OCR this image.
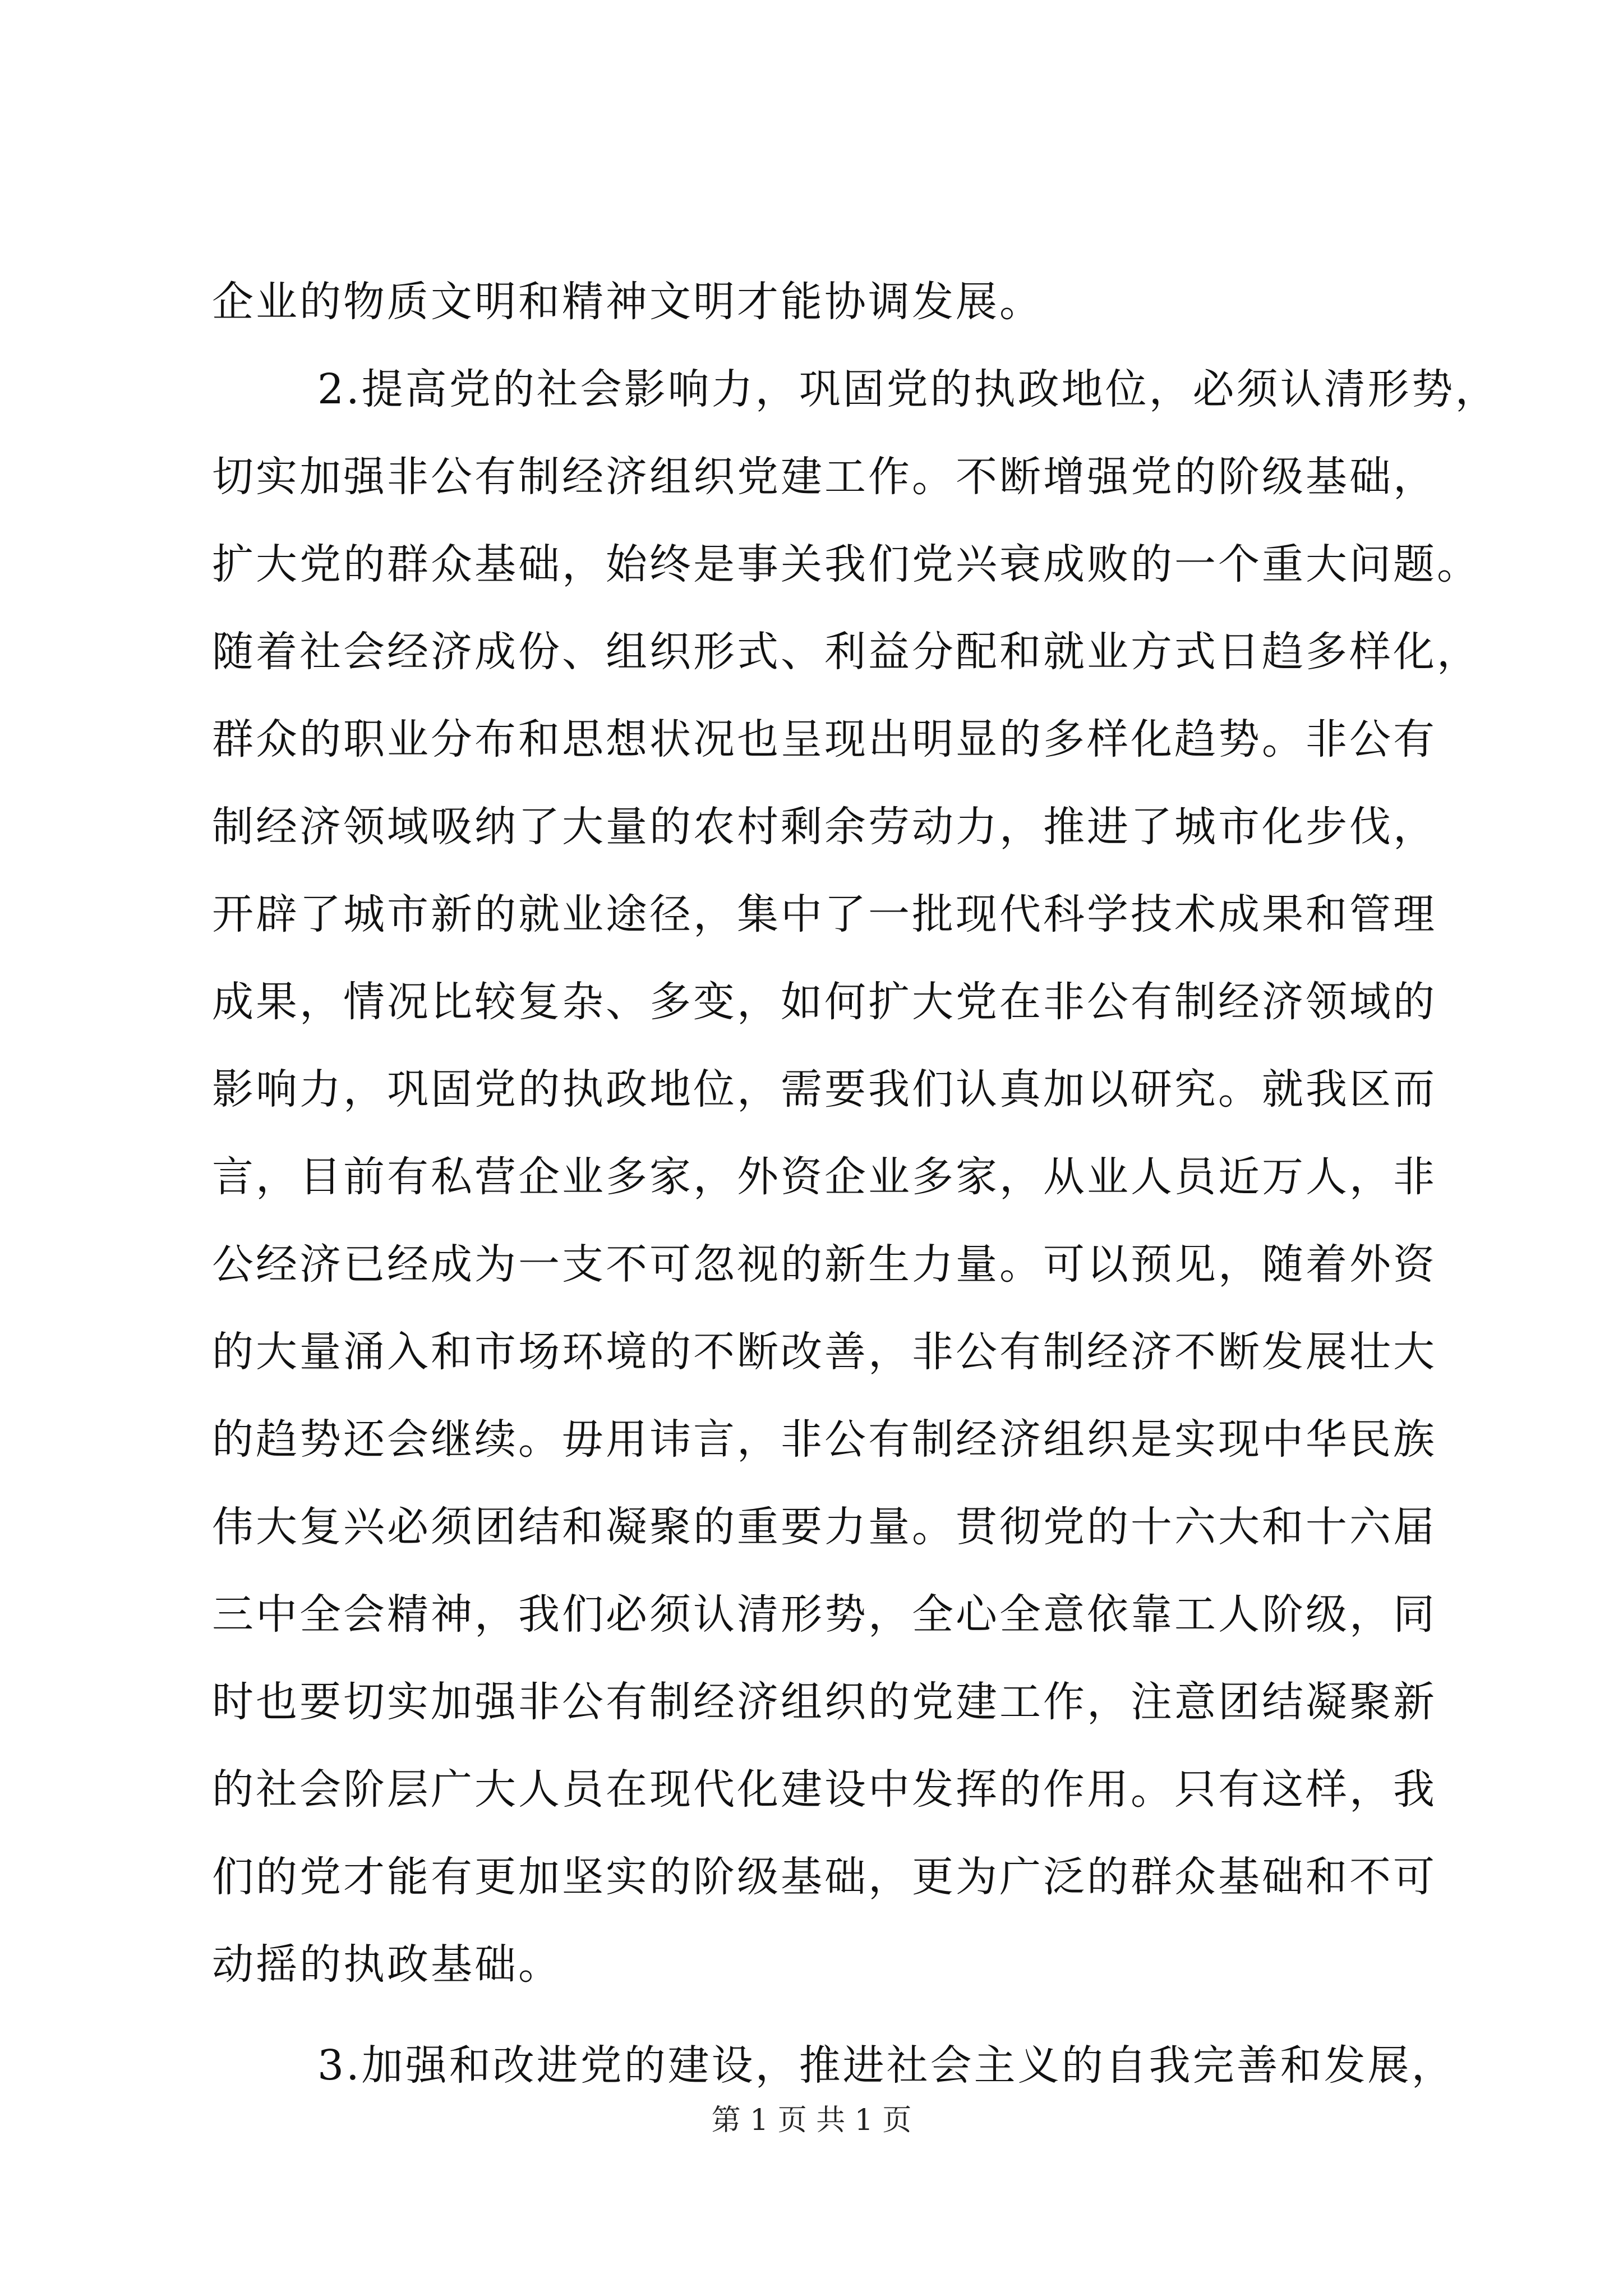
企业的物质文明和精神文明才能协调发展。
2.提高党的社会影响力，巩固党的执政地位，必须认清形势，
切实加强非公有制经济组织党建工作。不断增强党的阶级基础，
扩大党的群众基础，始终是事关我们党兴衰成败的一个重大问题。
随着社会经济成份、组织形式、利益分配和就业方式日趋多样化，
群众的职业分布和思想状况也呈现出明显的多样化趋势。非公有
制经济领域吸纳了大量的农村剩余劳动力，推进了城市化步伐，
开辟了城市新的就业途径，集中了一批现代科学技术成果和管理
成果，情况比较复杂、多变，如何扩大党在非公有制经济领域的
影响力，巩固党的执政地位，需要我们认真加以研究。就我区而
言，目前有私营企业多家，外资企业多家，从业人员近万人，非
公经济已经成为一支不可忽视的新生力量。可以预见，随着外资
的大量涌入和市场环境的不断改善，非公有制经济不断发展壮大
的趋势还会继续。毋用讳言，非公有制经济组织是实现中华民族
伟大复兴必须团结和凝聚的重要力量。贯彻党的十六大和十六届
三中全会精神，我们必须认清形势，全心全意依靠工人阶级，同
时也要切实加强非公有制经济组织的党建工作，注意团结凝聚新
的社会阶层广大人员在现代化建设中发挥的作用。只有这样，我
们的党才能有更加坚实的阶级基础，更为广泛的群众基础和不可
动摇的执政基础。
3.加强和改进党的建设，推进社会主义的自我完善和发展，
第 1 页 共 1 页
